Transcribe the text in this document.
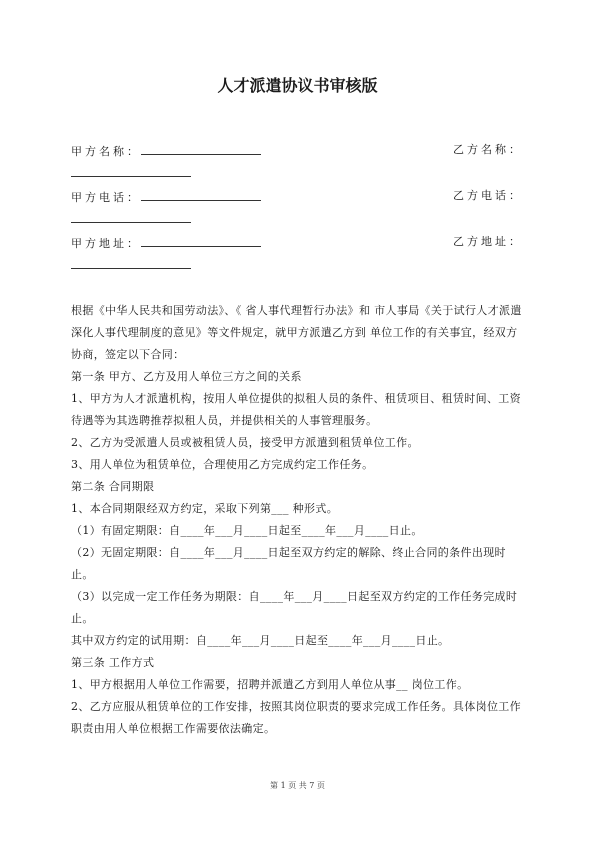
人才派遣协议书审核版
甲方名称：	乙方名称：
甲方电话：	乙方电话：
甲方地址：	乙方地址：

根据《中华人民共和国劳动法》、《 省人事代理暂行办法》和 市人事局《关于试行人才派遣深化人事代理制度的意见》等文件规定，就甲方派遣乙方到 单位工作的有关事宜，经双方协商，签定以下合同：

第一条 甲方、乙方及用人单位三方之间的关系

1、甲方为人才派遣机构，按用人单位提供的拟租人员的条件、租赁项目、租赁时间、工资待遇等为其选聘推荐拟租人员，并提供相关的人事管理服务。

2、乙方为受派遣人员或被租赁人员，接受甲方派遣到租赁单位工作。

3、用人单位为租赁单位，合理使用乙方完成约定工作任务。

第二条 合同期限

1、本合同期限经双方约定，采取下列第___ 种形式。

（1）有固定期限：自____年___月____日起至____年___月____日止。

（2）无固定期限：自____年___月____日起至双方约定的解除、终止合同的条件出现时止。

（3）以完成一定工作任务为期限：自____年___月____日起至双方约定的工作任务完成时止。

其中双方约定的试用期：自____年___月____日起至____年___月____日止。

第三条 工作方式

1、甲方根据用人单位工作需要，招聘并派遣乙方到用人单位从事__ 岗位工作。

2、乙方应服从租赁单位的工作安排，按照其岗位职责的要求完成工作任务。具体岗位工作职责由用人单位根据工作需要依法确定。

第 1 页 共 7 页
